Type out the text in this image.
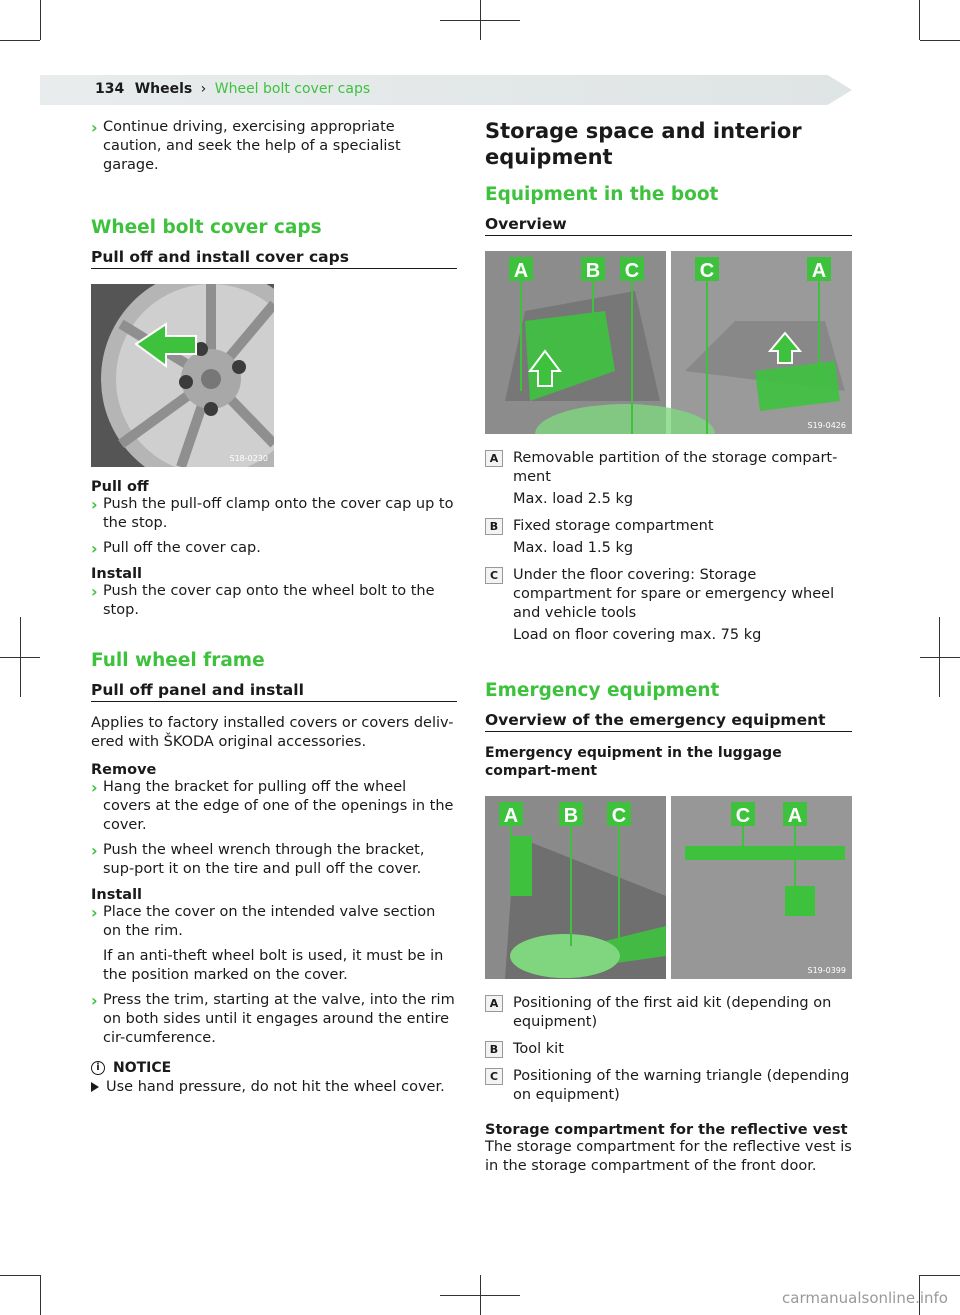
134 Wheels › Wheel bolt cover caps
› Continue driving, exercising appropriate caution, and seek the help of a specialist garage.

Wheel bolt cover caps
Pull off and install cover caps
S18-0230
Pull off
› Push the pull-off clamp onto the cover cap up to the stop.

› Pull off the cover cap.

Install
› Push the cover cap onto the wheel bolt to the stop.

Full wheel frame
Pull off panel and install

Applies to factory installed covers or covers deliv-ered with ŠKODA original accessories.

Remove
› Hang the bracket for pulling off the wheel covers at the edge of one of the openings in the cover.

› Push the wheel wrench through the bracket, sup-port it on the tire and pull off the cover.

Install
› Place the cover on the intended valve section on the rim.

If an anti-theft wheel bolt is used, it must be in the position marked on the cover.

› Press the trim, starting at the valve, into the rim on both sides until it engages around the entire cir-cumference.

i NOTICE

Use hand pressure, do not hit the wheel cover.

Storage space and interior equipment
Equipment in the boot
Overview
A	B C	C	A
S19-0426
A	Removable partition of the storage compart-ment

Max. load 2.5 kg

B	Fixed storage compartment

Max. load 1.5 kg

C	Under the floor covering: Storage compartment for spare or emergency wheel and vehicle tools

Load on floor covering max. 75 kg

Emergency equipment
Overview of the emergency equipment
Emergency equipment in the luggage compart-ment
A B C	C A
S19-0399
A	Positioning of the first aid kit (depending on equipment)

B	Tool kit

C	Positioning of the warning triangle (depending on equipment)

Storage compartment for the reflective vest

The storage compartment for the reflective vest is in the storage compartment of the front door.

carmanualsonline.info
